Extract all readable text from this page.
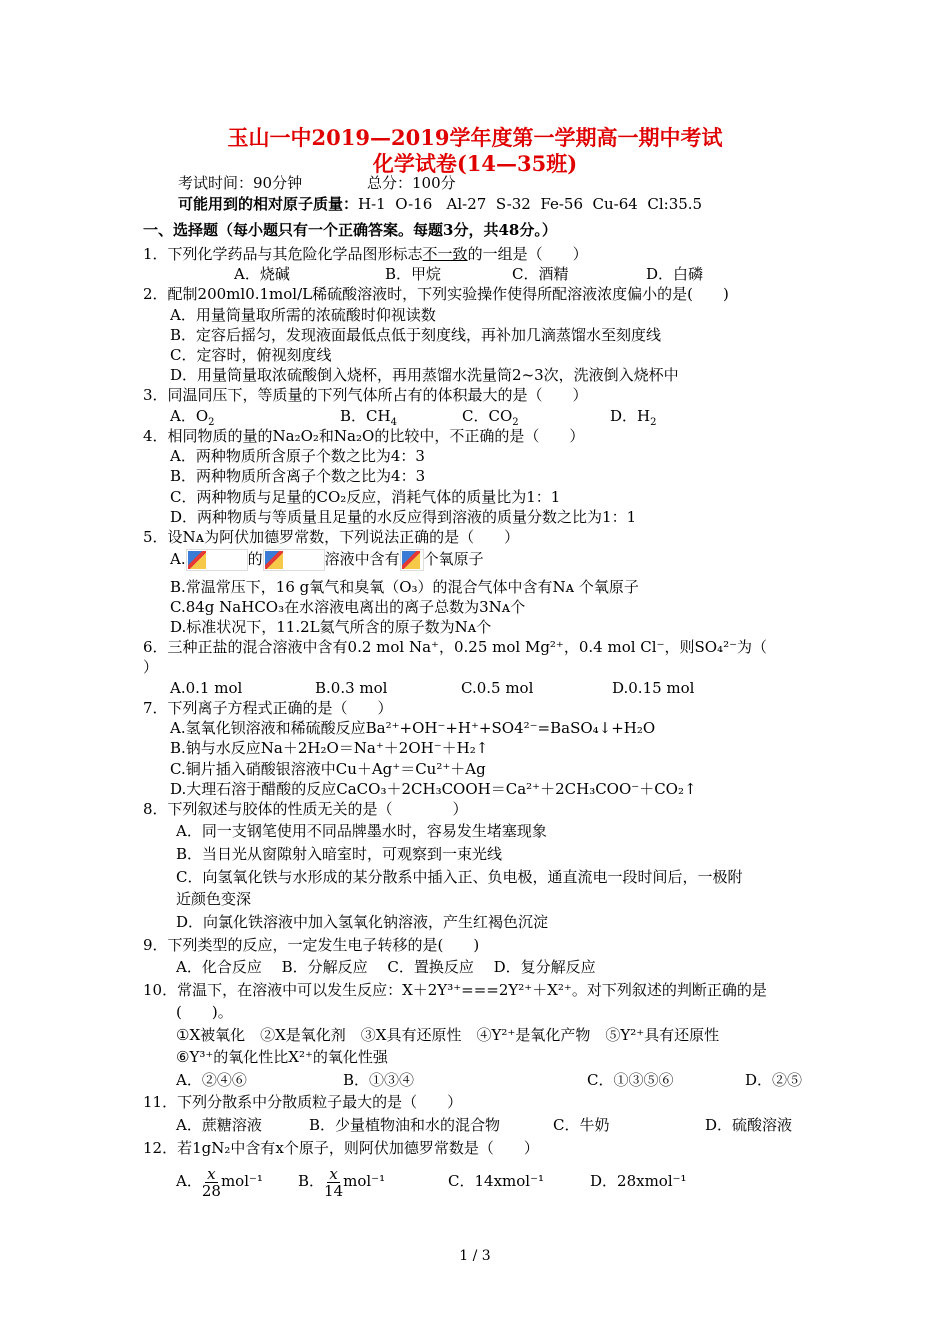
玉山一中2019—2019学年度第一学期高一期中考试
化学试卷(14—35班)
考试时间：90分钟	总分：100分
可能用到的相对原子质量：H-1  O-16   Al-27  S-32  Fe-56  Cu-64  Cl:35.5
一、选择题（每小题只有一个正确答案。每题3分，共48分。）
1．下列化学药品与其危险化学品图形标志不一致的一组是（　　）
A．烧碱	B．甲烷	C．酒精	D．白磷
2．配制200ml0.1mol/L稀硫酸溶液时，下列实验操作使得所配溶液浓度偏小的是(　　)
A．用量筒量取所需的浓硫酸时仰视读数
B．定容后摇匀，发现液面最低点低于刻度线，再补加几滴蒸馏水至刻度线
C．定容时，俯视刻度线
D．用量筒量取浓硫酸倒入烧杯，再用蒸馏水洗量筒2~3次，洗液倒入烧杯中
3．同温同压下，等质量的下列气体所占有的体积最大的是（　　）
A．$O_2$	B．$CH_4$	C．$CO_2$	D．$H_2$
4．相同物质的量的Na₂O₂和Na₂O的比较中，不正确的是（　　）
A．两种物质所含原子个数之比为4：3
B．两种物质所含离子个数之比为4：3
C．两种物质与足量的CO₂反应，消耗气体的质量比为1：1
D．两种物质与等质量且足量的水反应得到溶液的质量分数之比为1：1
5．设Nᴀ为阿伏加德罗常数，下列说法正确的是（　　）
A.	的	溶液中含有 个氧原子
B.常温常压下，16 g氧气和臭氧（O₃）的混合气体中含有Nᴀ 个氧原子
C.84g NaHCO₃在水溶液电离出的离子总数为3Nᴀ个
D.标准状况下，11.2L氦气所含的原子数为Nᴀ个
6．三种正盐的混合溶液中含有0.2 mol Na⁺，0.25 mol Mg²⁺，0.4 mol Cl⁻，则SO₄²⁻为（
）
A.0.1 mol	B.0.3 mol	C.0.5 mol	D.0.15 mol
7．下列离子方程式正确的是（　　）
A.氢氧化钡溶液和稀硫酸反应Ba²⁺+OH⁻+H⁺+SO4²⁻=BaSO₄↓+H₂O
B.钠与水反应Na＋2H₂O＝Na⁺＋2OH⁻＋H₂↑
C.铜片插入硝酸银溶液中Cu＋Ag⁺＝Cu²⁺＋Ag
D.大理石溶于醋酸的反应CaCO₃＋2CH₃COOH＝Ca²⁺＋2CH₃COO⁻＋CO₂↑
8．下列叙述与胶体的性质无关的是（　　　　）
A．同一支钢笔使用不同品牌墨水时，容易发生堵塞现象
B．当日光从窗隙射入暗室时，可观察到一束光线
C．向氢氧化铁与水形成的某分散系中插入正、负电极，通直流电一段时间后，一极附
近颜色变深
D．向氯化铁溶液中加入氢氧化钠溶液，产生红褐色沉淀
9．下列类型的反应，一定发生电子转移的是(　　)
A．化合反应　 B．分解反应　 C．置换反应　 D．复分解反应
10．常温下，在溶液中可以发生反应：X＋2Y³⁺===2Y²⁺＋X²⁺。对下列叙述的判断正确的是
(　　)。
①X被氧化　②X是氧化剂　③X具有还原性　④Y²⁺是氧化产物　⑤Y²⁺具有还原性
⑥Y³⁺的氧化性比X²⁺的氧化性强
A．②④⑥	B．①③④	C．①③⑤⑥	D．②⑤
11．下列分散系中分散质粒子最大的是（　　）
A．蔗糖溶液	B．少量植物油和水的混合物	C．牛奶	D．硫酸溶液
12．若1gN₂中含有x个原子，则阿伏加德罗常数是（　　）
A． $\frac{x}{28} mol^{-1}$ B． $\frac{x}{14} mol^{-1}$	C．14xmol⁻¹	D．28xmol⁻¹
1 / 3
